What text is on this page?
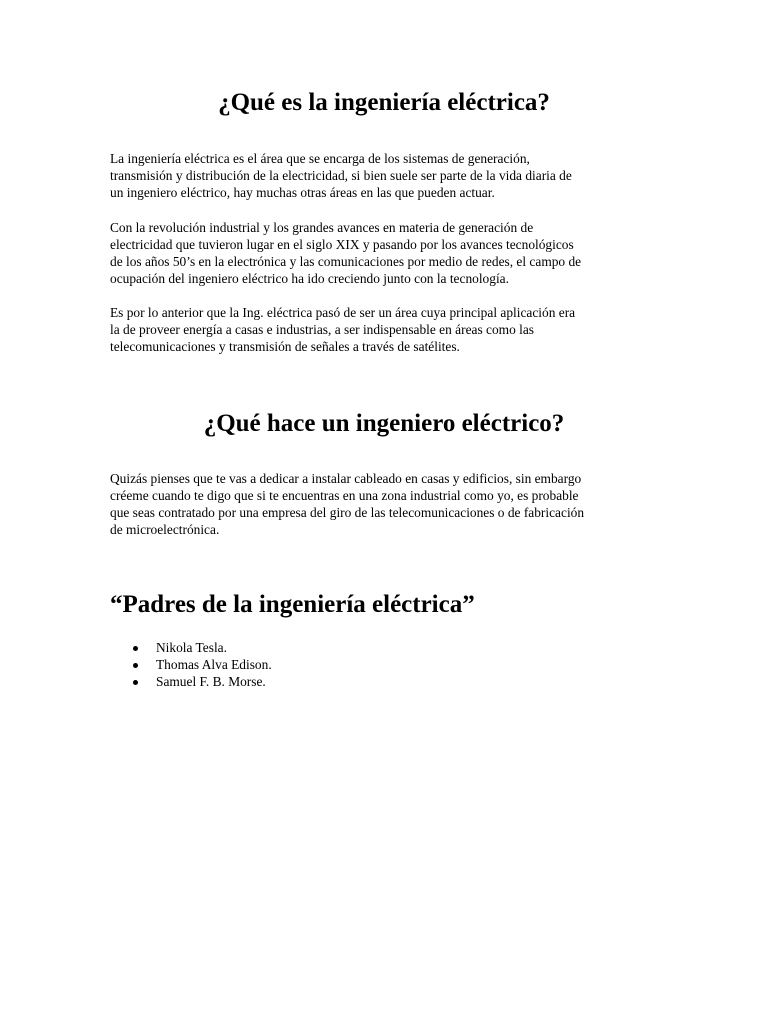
¿Qué es la ingeniería eléctrica?

La ingeniería eléctrica es el área que se encarga de los sistemas de generación,
transmisión y distribución de la electricidad, si bien suele ser parte de la vida diaria de
un ingeniero eléctrico, hay muchas otras áreas en las que pueden actuar.

Con la revolución industrial y los grandes avances en materia de generación de
electricidad que tuvieron lugar en el siglo XIX y pasando por los avances tecnológicos
de los años 50’s en la electrónica y las comunicaciones por medio de redes, el campo de
ocupación del ingeniero eléctrico ha ido creciendo junto con la tecnología.

Es por lo anterior que la Ing. eléctrica pasó de ser un área cuya principal aplicación era
la de proveer energía a casas e industrias, a ser indispensable en áreas como las
telecomunicaciones y transmisión de señales a través de satélites.

¿Qué hace un ingeniero eléctrico?

Quizás pienses que te vas a dedicar a instalar cableado en casas y edificios, sin embargo
créeme cuando te digo que si te encuentras en una zona industrial como yo, es probable
que seas contratado por una empresa del giro de las telecomunicaciones o de fabricación
de microelectrónica.

“Padres de la ingeniería eléctrica”
Nikola Tesla.
Thomas Alva Edison.
Samuel F. B. Morse.
